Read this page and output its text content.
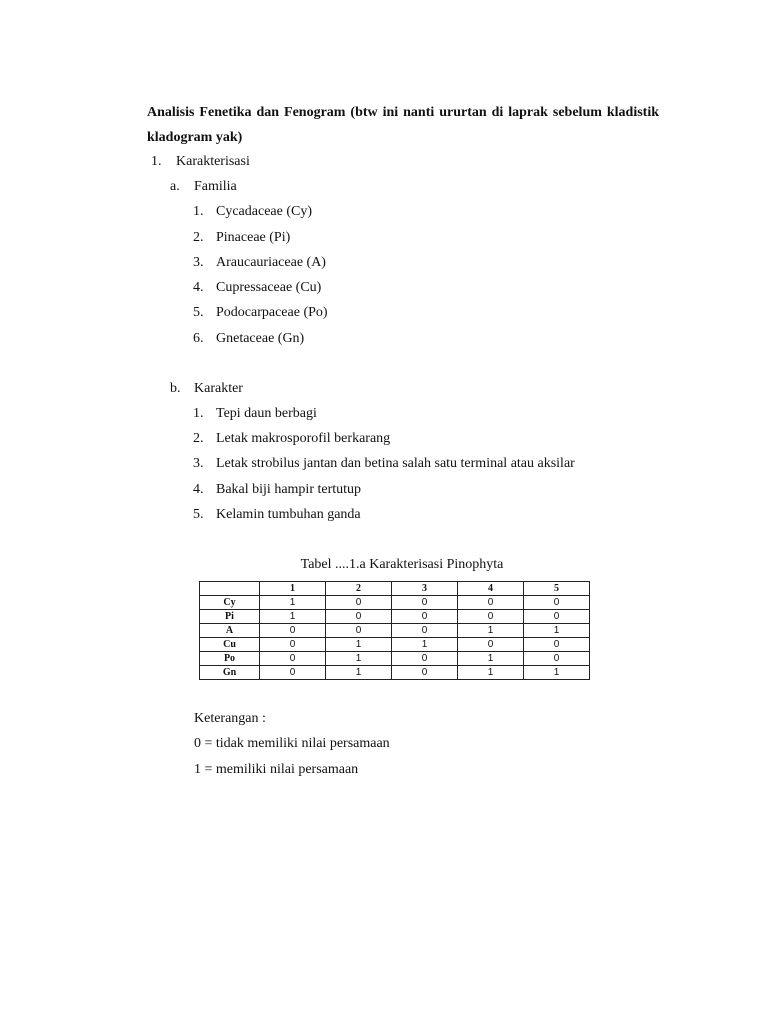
Analisis Fenetika dan Fenogram (btw ini nanti ururtan di laprak sebelum kladistik kladogram yak)
1. Karakterisasi
a. Familia
1. Cycadaceae (Cy)
2. Pinaceae (Pi)
3. Araucauriaceae (A)
4. Cupressaceae (Cu)
5. Podocarpaceae (Po)
6. Gnetaceae (Gn)
b. Karakter
1. Tepi daun berbagi
2. Letak makrosporofil berkarang
3. Letak strobilus jantan dan betina salah satu terminal atau aksilar
4. Bakal biji hampir tertutup
5. Kelamin tumbuhan ganda
Tabel ....1.a Karakterisasi Pinophyta
	1	2	3	4	5
Cy	1	0	0	0	0
Pi	1	0	0	0	0
A	0	0	0	1	1
Cu	0	1	1	0	0
Po	0	1	0	1	0
Gn	0	1	0	1	1
Keterangan :
0 = tidak memiliki nilai persamaan
1 = memiliki nilai persamaan
